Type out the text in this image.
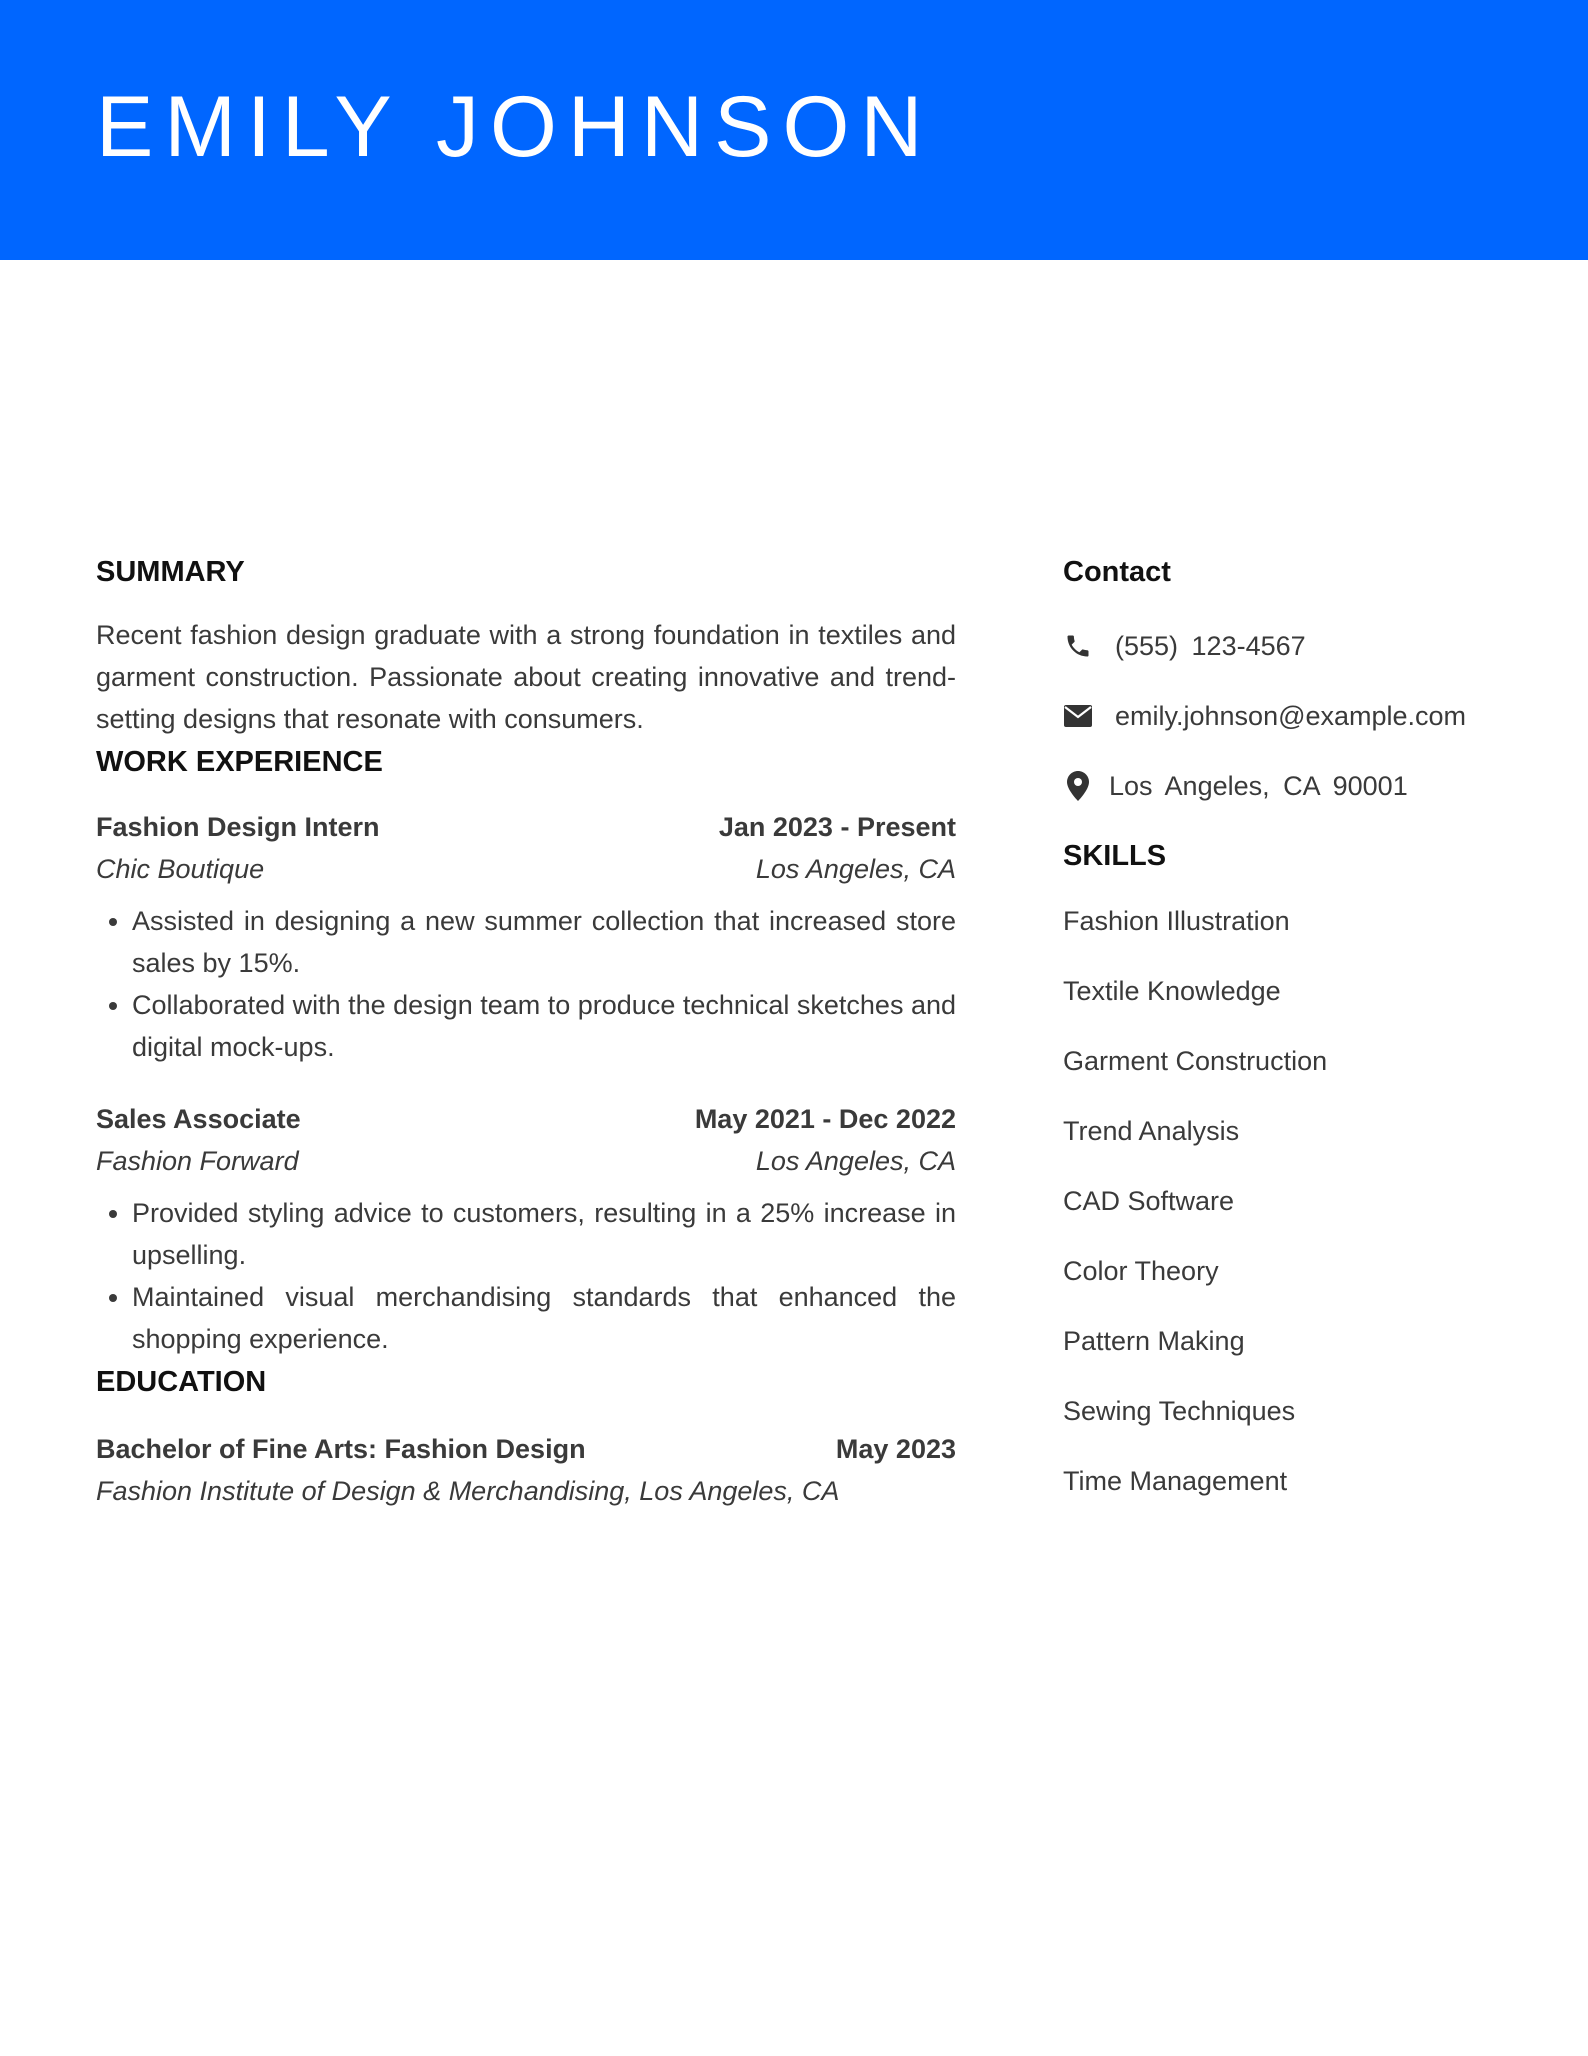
EMILY JOHNSON
SUMMARY

Recent fashion design graduate with a strong foundation in textiles and garment construction. Passionate about creating innovative and trend-setting designs that resonate with consumers.

WORK EXPERIENCE
Fashion Design Intern	Jan 2023 - Present
Chic Boutique	Los Angeles, CA
• Assisted in designing a new summer collection that increased store sales by 15%.
• Collaborated with the design team to produce technical sketches and digital mock-ups.
Sales Associate	May 2021 - Dec 2022
Fashion Forward	Los Angeles, CA
• Provided styling advice to customers, resulting in a 25% increase in upselling.
• Maintained visual merchandising standards that enhanced the shopping experience.
EDUCATION
Bachelor of Fine Arts: Fashion Design	May 2023
Fashion Institute of Design & Merchandising, Los Angeles, CA
Contact
(555) 123-4567
emily.johnson@example.com
Los Angeles, CA 90001
SKILLS
Fashion Illustration
Textile Knowledge
Garment Construction
Trend Analysis
CAD Software
Color Theory
Pattern Making
Sewing Techniques
Time Management
